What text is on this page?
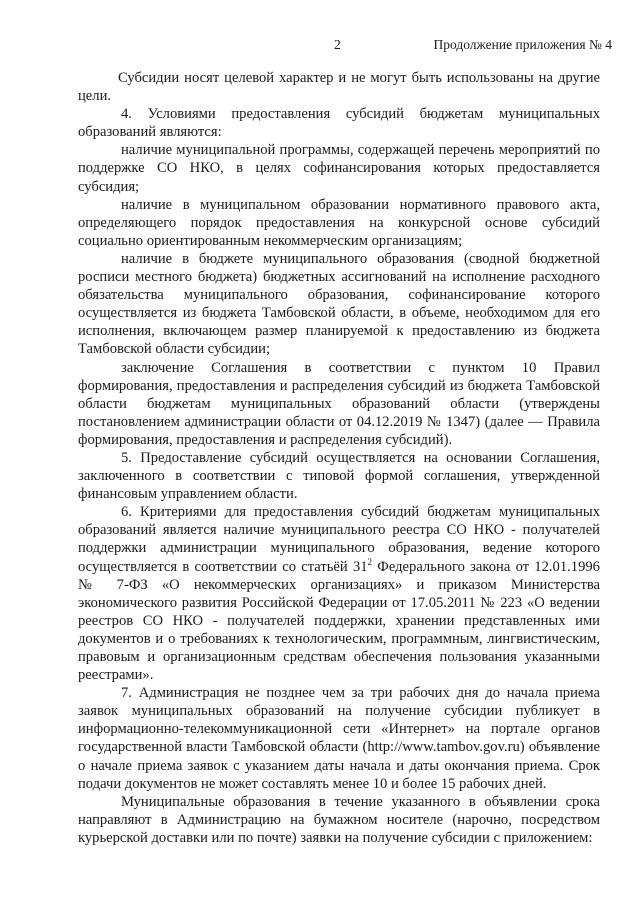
2	Продолжение приложения № 4

Субсидии носят целевой характер и не могут быть использованы на другие цели.

4. Условиями предоставления субсидий бюджетам муниципальных образований являются:

наличие муниципальной программы, содержащей перечень мероприятий по поддержке СО НКО, в целях софинансирования которых предоставляется субсидия;

наличие в муниципальном образовании нормативного правового акта, определяющего порядок предоставления на конкурсной основе субсидий социально ориентированным некоммерческим организациям;

наличие в бюджете муниципального образования (сводной бюджетной росписи местного бюджета) бюджетных ассигнований на исполнение расходного обязательства муниципального образования, софинансирование которого осуществляется из бюджета Тамбовской области, в объеме, необходимом для его исполнения, включающем размер планируемой к предоставлению из бюджета Тамбовской области субсидии;

заключение Соглашения в соответствии с пунктом 10 Правил формирования, предоставления и распределения субсидий из бюджета Тамбовской области бюджетам муниципальных образований области (утверждены постановлением администрации области от 04.12.2019 № 1347) (далее — Правила формирования, предоставления и распределения субсидий).

5. Предоставление субсидий осуществляется на основании Соглашения, заключенного в соответствии с типовой формой соглашения, утвержденной финансовым управлением области.

6. Критериями для предоставления субсидий бюджетам муниципальных образований является наличие муниципального реестра СО НКО - получателей поддержки администрации муниципального образования, ведение которого осуществляется в соответствии со статьёй $31^2$ Федерального закона от 12.01.1996 № 7-ФЗ «О некоммерческих организациях» и приказом Министерства экономического развития Российской Федерации от 17.05.2011 № 223 «О ведении реестров СО НКО - получателей поддержки, хранении представленных ими документов и о требованиях к технологическим, программным, лингвистическим, правовым и организационным средствам обеспечения пользования указанными реестрами».

7. Администрация не позднее чем за три рабочих дня до начала приема заявок муниципальных образований на получение субсидии публикует в информационно-телекоммуникационной сети «Интернет» на портале органов государственной власти Тамбовской области (http://www.tambov.gov.ru) объявление о начале приема заявок с указанием даты начала и даты окончания приема. Срок подачи документов не может составлять менее 10 и более 15 рабочих дней.

Муниципальные образования в течение указанного в объявлении срока направляют в Администрацию на бумажном носителе (нарочно, посредством курьерской доставки или по почте) заявки на получение субсидии с приложением:
